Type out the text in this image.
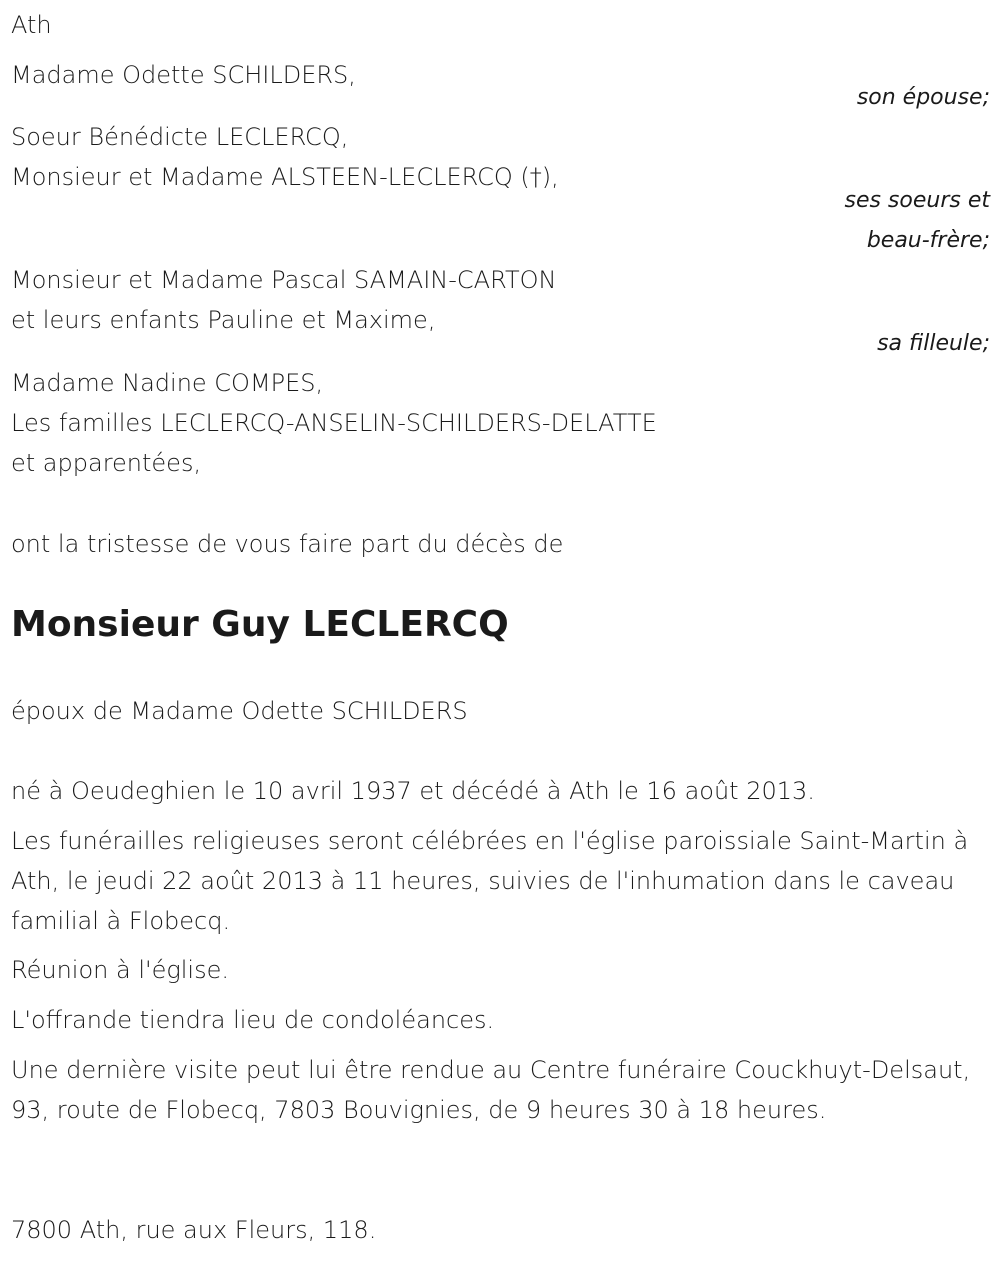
Ath
Madame Odette SCHILDERS,
son épouse;
Soeur Bénédicte LECLERCQ,
Monsieur et Madame ALSTEEN-LECLERCQ (†),
ses soeurs et
beau-frère;
Monsieur et Madame Pascal SAMAIN-CARTON
et leurs enfants Pauline et Maxime,
sa filleule;
Madame Nadine COMPES,
Les familles LECLERCQ-ANSELIN-SCHILDERS-DELATTE
et apparentées,
ont la tristesse de vous faire part du décès de
Monsieur Guy LECLERCQ
époux de Madame Odette SCHILDERS
né à Oeudeghien le 10 avril 1937 et décédé à Ath le 16 août 2013.
Les funérailles religieuses seront célébrées en l'église paroissiale Saint-Martin à Ath, le jeudi 22 août 2013 à 11 heures, suivies de l'inhumation dans le caveau familial à Flobecq.
Réunion à l'église.
L'offrande tiendra lieu de condoléances.
Une dernière visite peut lui être rendue au Centre funéraire Couckhuyt-Delsaut, 93, route de Flobecq, 7803 Bouvignies, de 9 heures 30 à 18 heures.
7800 Ath, rue aux Fleurs, 118.
